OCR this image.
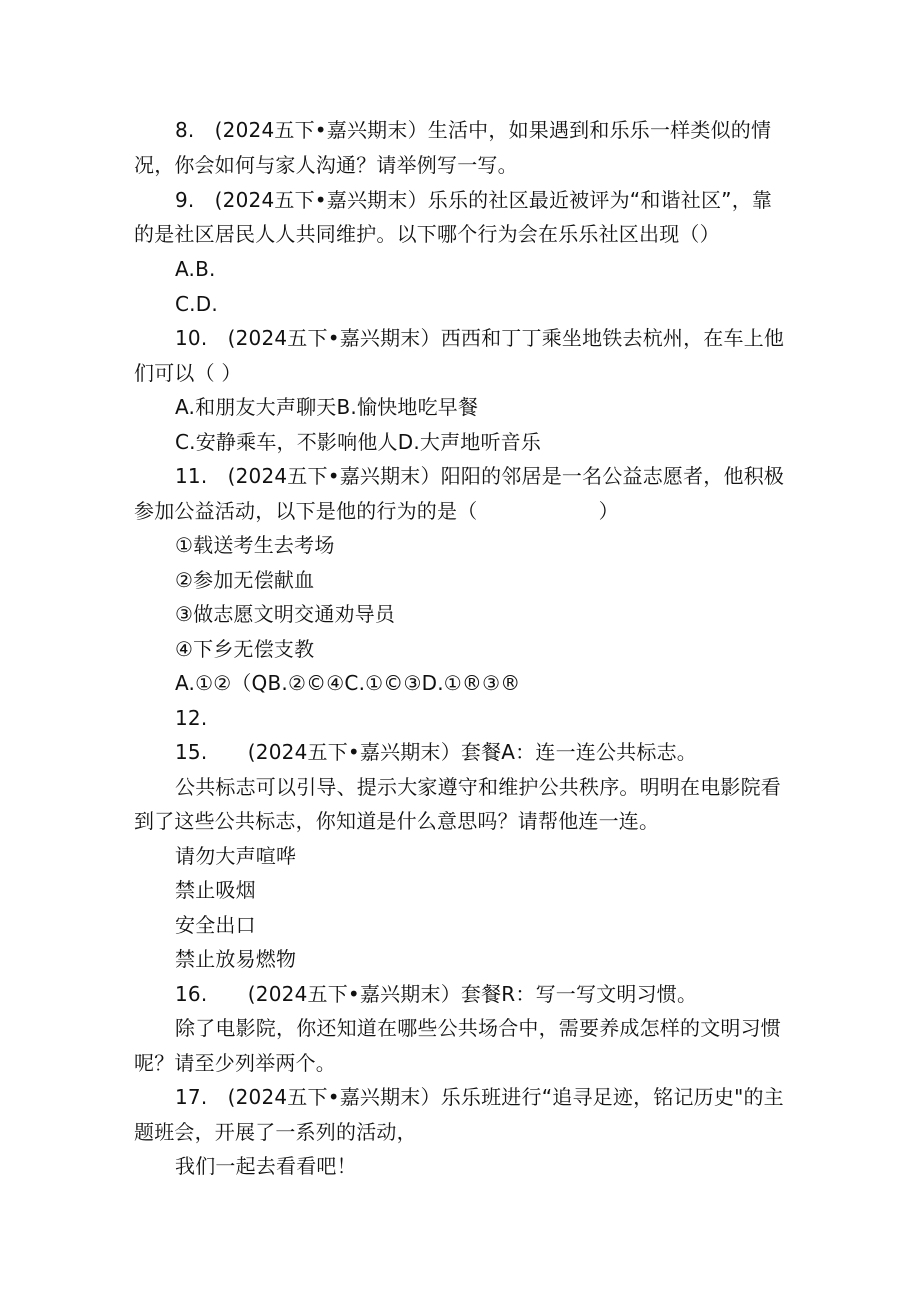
8.　(2024五下•嘉兴期末）生活中，如果遇到和乐乐一样类似的情
况，你会如何与家人沟通？请举例写一写。
9.　(2024五下•嘉兴期末）乐乐的社区最近被评为“和谐社区”，靠
的是社区居民人人共同维护。以下哪个行为会在乐乐社区出现（）
A.B.
C.D.
10.　(2024五下•嘉兴期末）西西和丁丁乘坐地铁去杭州，在车上他
们可以（ ）
A.和朋友大声聊天B.愉快地吃早餐
C.安静乘车，不影响他人D.大声地听音乐
11.　(2024五下•嘉兴期末）阳阳的邻居是一名公益志愿者，他积极
参加公益活动，以下是他的行为的是（　　　　　　）
①载送考生去考场
②参加无偿献血
③做志愿文明交通劝导员
④下乡无偿支教
A.①②（QB.②©④C.①©③D.①®③®
12.
15.　　(2024五下•嘉兴期末）套餐A：连一连公共标志。
公共标志可以引导、提示大家遵守和维护公共秩序。明明在电影院看
到了这些公共标志，你知道是什么意思吗？请帮他连一连。
请勿大声喧哗
禁止吸烟
安全出口
禁止放易燃物
16.　　(2024五下•嘉兴期末）套餐R：写一写文明习惯。
除了电影院，你还知道在哪些公共场合中，需要养成怎样的文明习惯
呢？请至少列举两个。
17.　(2024五下•嘉兴期末）乐乐班进行“追寻足迹，铭记历史"的主
题班会，开展了一系列的活动，
我们一起去看看吧！
